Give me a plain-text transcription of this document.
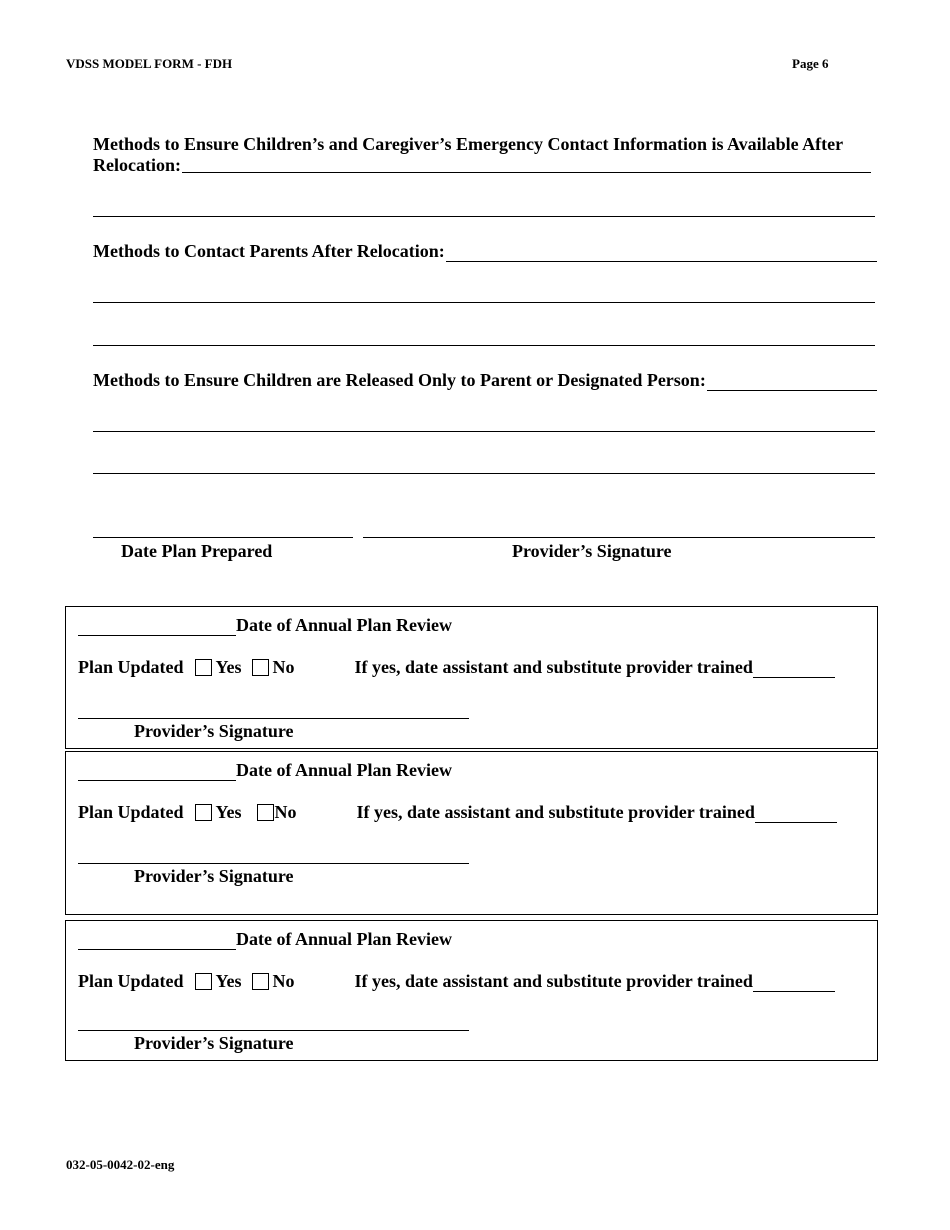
VDSS MODEL FORM - FDH	Page 6
Methods to Ensure Children’s and Caregiver’s Emergency Contact Information is Available After
Relocation:
Methods to Contact Parents After Relocation:
Methods to Ensure Children are Released Only to Parent or Designated Person:
Date Plan Prepared	Provider’s Signature
Date of Annual Plan Review
Plan Updated Yes No	If yes, date assistant and substitute provider trained
Provider’s Signature
Date of Annual Plan Review
Plan Updated Yes No	If yes, date assistant and substitute provider trained
Provider’s Signature
Date of Annual Plan Review
Plan Updated Yes No	If yes, date assistant and substitute provider trained
Provider’s Signature
032-05-0042-02-eng
